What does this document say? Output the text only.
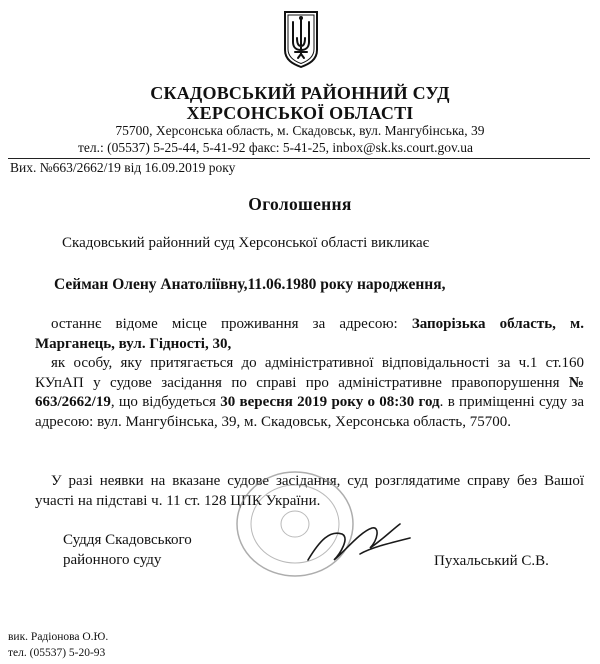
СКАДОВСЬКИЙ РАЙОННИЙ СУД
ХЕРСОНСЬКОЇ ОБЛАСТІ
75700, Херсонська область, м. Скадовськ, вул. Мангубінська, 39
тел.: (05537) 5-25-44, 5-41-92 факс: 5-41-25, inbox@sk.ks.court.gov.ua
Вих. №663/2662/19 від 16.09.2019 року
Оголошення
Скадовський районний суд Херсонської області викликає
Сейман Олену Анатоліївну,11.06.1980 року народження,
останнє відоме місце проживання за адресою: Запорізька область, м. Марганець, вул. Гідності, 30,
як особу, яку притягається до адміністративної відповідальності за ч.1 ст.160 КУпАП у судове засідання по справі про адміністративне правопорушення № 663/2662/19, що відбудеться 30 вересня 2019 року о 08:30 год. в приміщенні суду за адресою: вул. Мангубінська, 39, м. Скадовськ, Херсонська область, 75700.
У разі неявки на вказане судове засідання, суд розглядатиме справу без Вашої участі на підставі ч. 11 ст. 128 ЦПК України.
Суддя Скадовського
районного суду	Пухальський С.В.
вик. Радіонова О.Ю.
тел. (05537) 5-20-93
